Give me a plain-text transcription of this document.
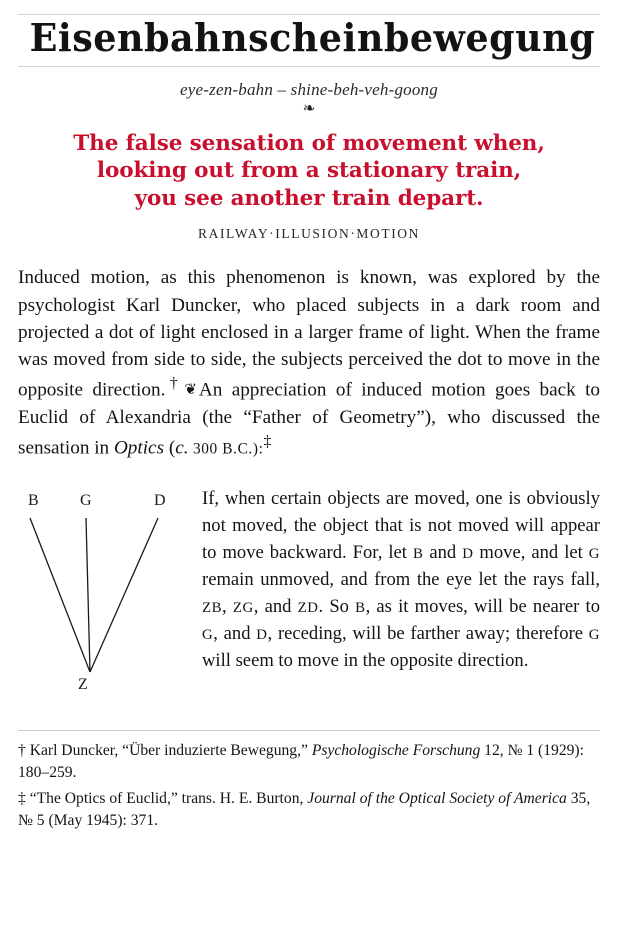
Eisenbahnscheinbewegung
eye-zen-bahn – shine-beh-veh-goong
❧
The false sensation of movement when,
looking out from a stationary train,
you see another train depart.
RAILWAY·ILLUSION·MOTION
Induced motion, as this phenomenon is known, was explored by the psychologist Karl Duncker, who placed subjects in a dark room and projected a dot of light enclosed in a larger frame of light. When the frame was moved from side to side, the subjects perceived the dot to move in the opposite direction.† ❦ An appreciation of induced motion goes back to Euclid of Alexandria (the “Father of Geometry”), who discussed the sensation in Optics (c. 300 B.C.):‡
B	G	D
Z
If, when certain objects are moved, one is obviously not moved, the object that is not moved will appear to move backward. For, let B and D move, and let G remain unmoved, and from the eye let the rays fall, ZB, ZG, and ZD. So B, as it moves, will be nearer to G, and D, receding, will be farther away; therefore G will seem to move in the opposite direction.
† Karl Duncker, “Über induzierte Bewegung,” Psychologische Forschung 12, № 1 (1929): 180–259.
‡ “The Optics of Euclid,” trans. H. E. Burton, Journal of the Optical Society of America 35, № 5 (May 1945): 371.
